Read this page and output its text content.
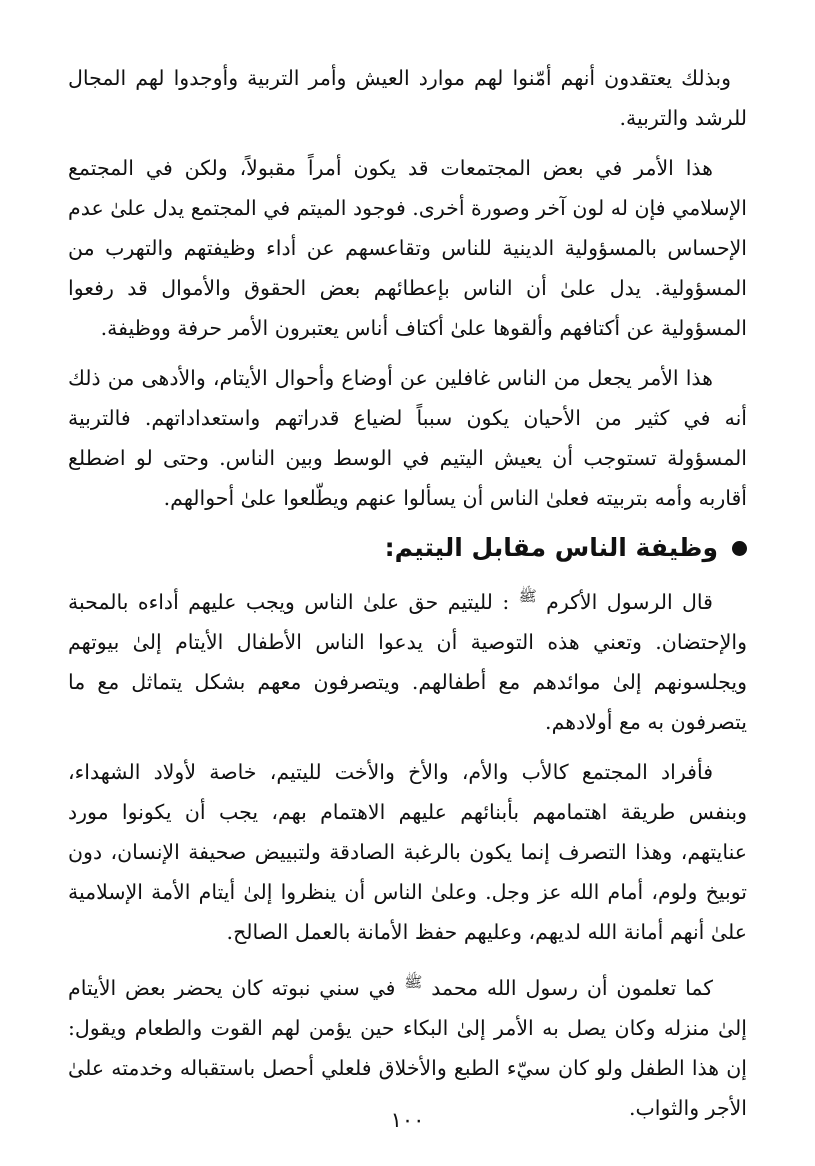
وبذلك يعتقدون أنهم أمّنوا لهم موارد العيش وأمر التربية وأوجدوا لهم المجال للرشد والتربية.

هذا الأمر في بعض المجتمعات قد يكون أمراً مقبولاً، ولكن في المجتمع الإسلامي فإن له لون آخر وصورة أخرى. فوجود الميتم في المجتمع يدل علىٰ عدم الإحساس بالمسؤولية الدينية للناس وتقاعسهم عن أداء وظيفتهم والتهرب من المسؤولية. يدل علىٰ أن الناس بإعطائهم بعض الحقوق والأموال قد رفعوا المسؤولية عن أكتافهم وألقوها علىٰ أكتاف أناس يعتبرون الأمر حرفة ووظيفة.

هذا الأمر يجعل من الناس غافلين عن أوضاع وأحوال الأيتام، والأدهى من ذلك أنه في كثير من الأحيان يكون سبباً لضياع قدراتهم واستعداداتهم. فالتربية المسؤولة تستوجب أن يعيش اليتيم في الوسط وبين الناس. وحتى لو اضطلع أقاربه وأمه بتربيته فعلىٰ الناس أن يسألوا عنهم ويطّلعوا علىٰ أحوالهم.

وظيفة الناس مقابل اليتيم:

قال الرسول الأكرم $^ﷺ$ : لليتيم حق علىٰ الناس ويجب عليهم أداءه بالمحبة والإحتضان. وتعني هذه التوصية أن يدعوا الناس الأطفال الأيتام إلىٰ بيوتهم ويجلسونهم إلىٰ موائدهم مع أطفالهم. ويتصرفون معهم بشكل يتماثل مع ما يتصرفون به مع أولادهم.

فأفراد المجتمع كالأب والأم، والأخ والأخت لليتيم، خاصة لأولاد الشهداء، وبنفس طريقة اهتمامهم بأبنائهم عليهم الاهتمام بهم، يجب أن يكونوا مورد عنايتهم، وهذا التصرف إنما يكون بالرغبة الصادقة ولتبييض صحيفة الإنسان، دون توبيخ ولوم، أمام الله عز وجل. وعلىٰ الناس أن ينظروا إلىٰ أيتام الأمة الإسلامية علىٰ أنهم أمانة الله لديهم، وعليهم حفظ الأمانة بالعمل الصالح.

كما تعلمون أن رسول الله محمد $^ﷺ$ في سني نبوته كان يحضر بعض الأيتام إلىٰ منزله وكان يصل به الأمر إلىٰ البكاء حين يؤمن لهم القوت والطعام ويقول: إن هذا الطفل ولو كان سيّء الطبع والأخلاق فلعلي أحصل باستقباله وخدمته علىٰ الأجر والثواب.

١٠٠
